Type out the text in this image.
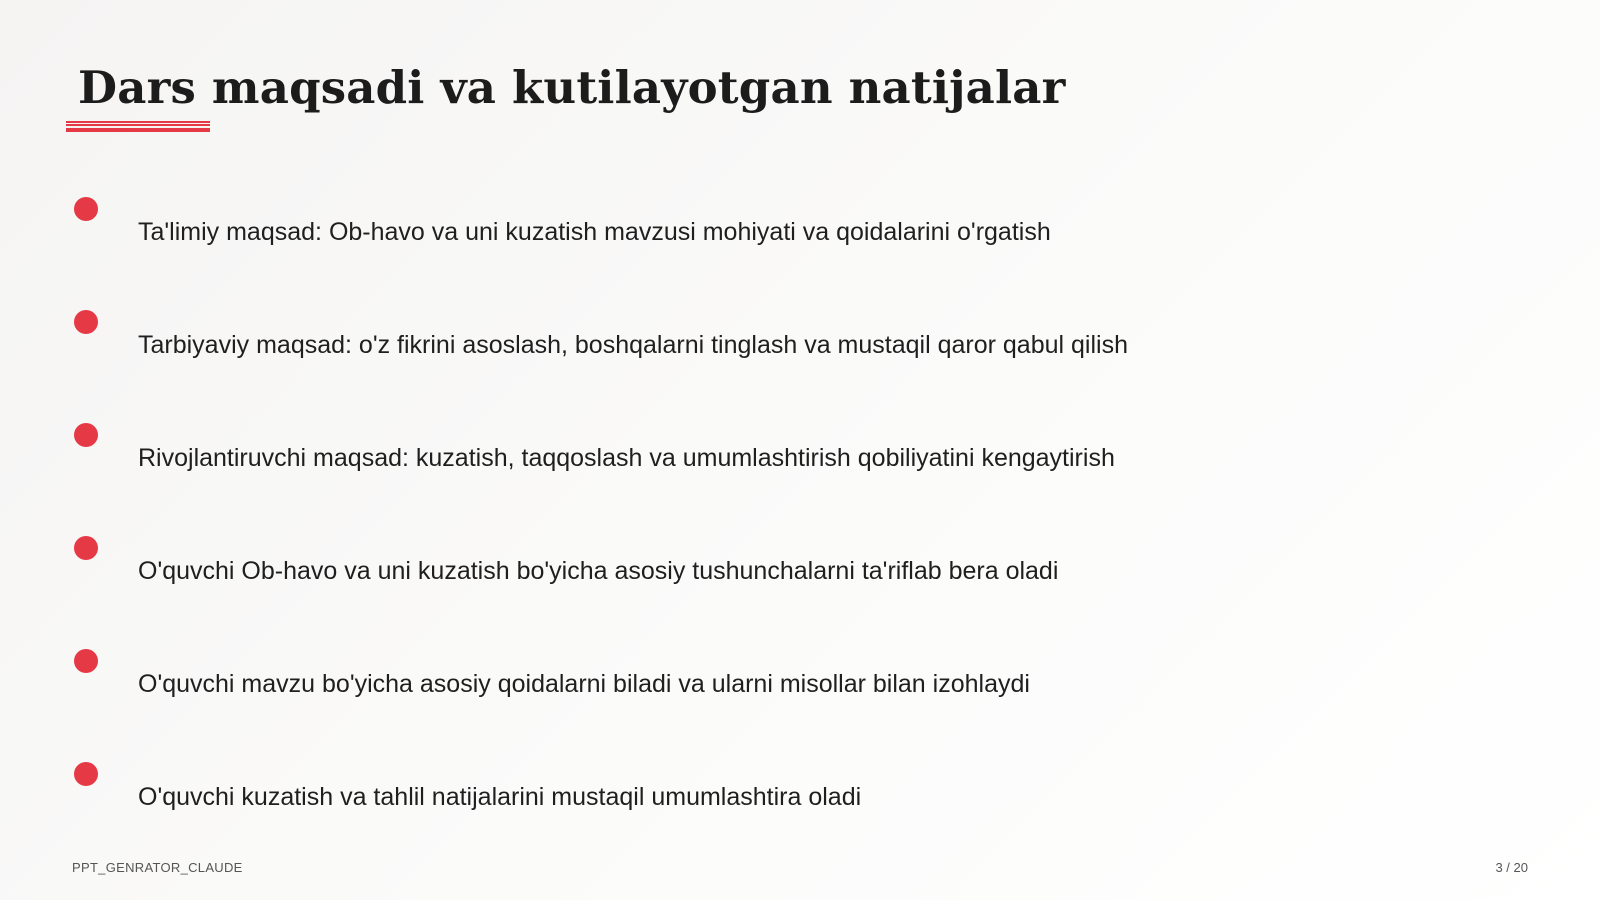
Dars maqsadi va kutilayotgan natijalar
Ta'limiy maqsad: Ob-havo va uni kuzatish mavzusi mohiyati va qoidalarini o'rgatish
Tarbiyaviy maqsad: o'z fikrini asoslash, boshqalarni tinglash va mustaqil qaror qabul qilish
Rivojlantiruvchi maqsad: kuzatish, taqqoslash va umumlashtirish qobiliyatini kengaytirish
O'quvchi Ob-havo va uni kuzatish bo'yicha asosiy tushunchalarni ta'riflab bera oladi
O'quvchi mavzu bo'yicha asosiy qoidalarni biladi va ularni misollar bilan izohlaydi
O'quvchi kuzatish va tahlil natijalarini mustaqil umumlashtira oladi
PPT_GENRATOR_CLAUDE	3 / 20
